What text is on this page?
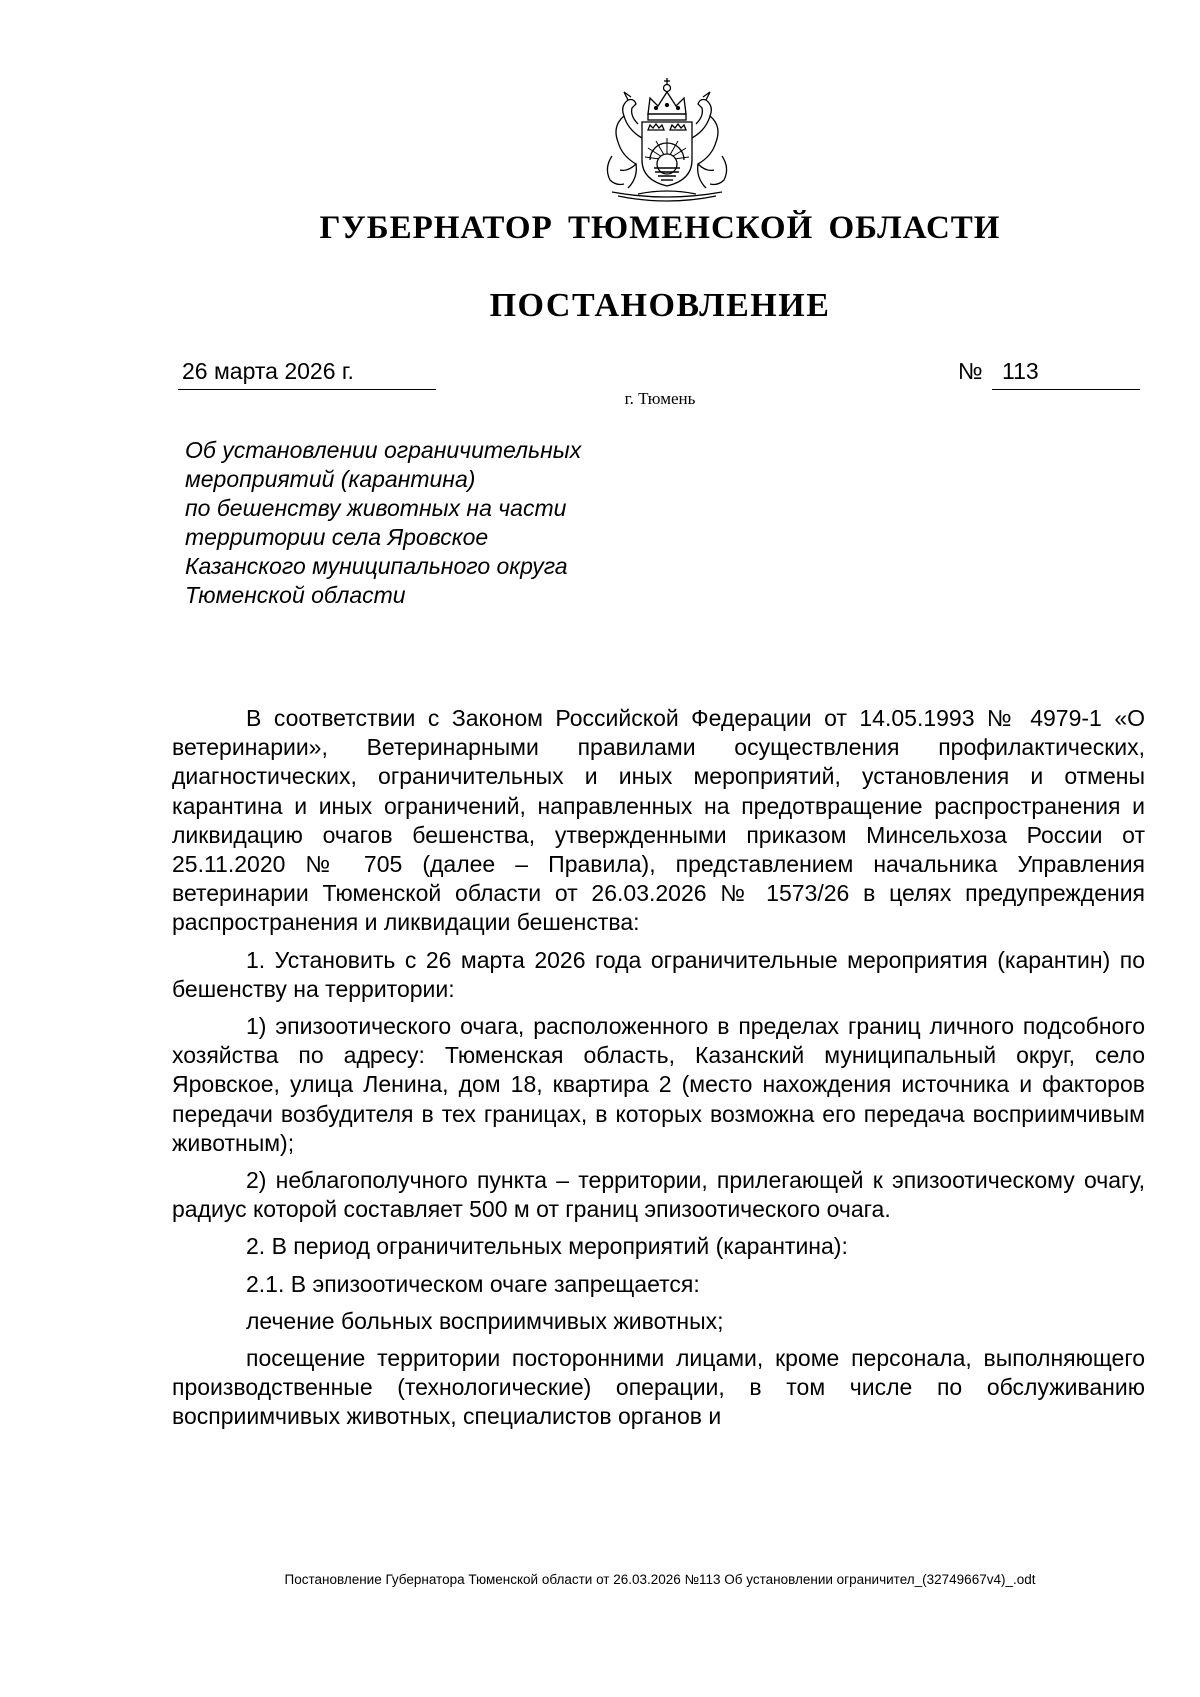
ГУБЕРНАТОР ТЮМЕНСКОЙ ОБЛАСТИ
ПОСТАНОВЛЕНИЕ
26 марта 2026 г.	№ 113
г. Тюмень
Об установлении ограничительных
мероприятий (карантина)
по бешенству животных на части
территории села Яровское
Казанского муниципального округа
Тюменской области

В соответствии с Законом Российской Федерации от 14.05.1993 № 4979-1 «О ветеринарии», Ветеринарными правилами осуществления профилактических, диагностических, ограничительных и иных мероприятий, установления и отмены карантина и иных ограничений, направленных на предотвращение распространения и ликвидацию очагов бешенства, утвержденными приказом Минсельхоза России от 25.11.2020 № 705 (далее – Правила), представлением начальника Управления ветеринарии Тюменской области от 26.03.2026 № 1573/26 в целях предупреждения распространения и ликвидации бешенства:

1. Установить с 26 марта 2026 года ограничительные мероприятия (карантин) по бешенству на территории:

1) эпизоотического очага, расположенного в пределах границ личного подсобного хозяйства по адресу: Тюменская область, Казанский муниципальный округ, село Яровское, улица Ленина, дом 18, квартира 2 (место нахождения источника и факторов передачи возбудителя в тех границах, в которых возможна его передача восприимчивым животным);

2) неблагополучного пункта – территории, прилегающей к эпизоотическому очагу, радиус которой составляет 500 м от границ эпизоотического очага.

2. В период ограничительных мероприятий (карантина):

2.1. В эпизоотическом очаге запрещается:

лечение больных восприимчивых животных;

посещение территории посторонними лицами, кроме персонала, выполняющего производственные (технологические) операции, в том числе по обслуживанию восприимчивых животных, специалистов органов и

Постановление Губернатора Тюменской области от 26.03.2026 №113 Об установлении ограничител_(32749667v4)_.odt
